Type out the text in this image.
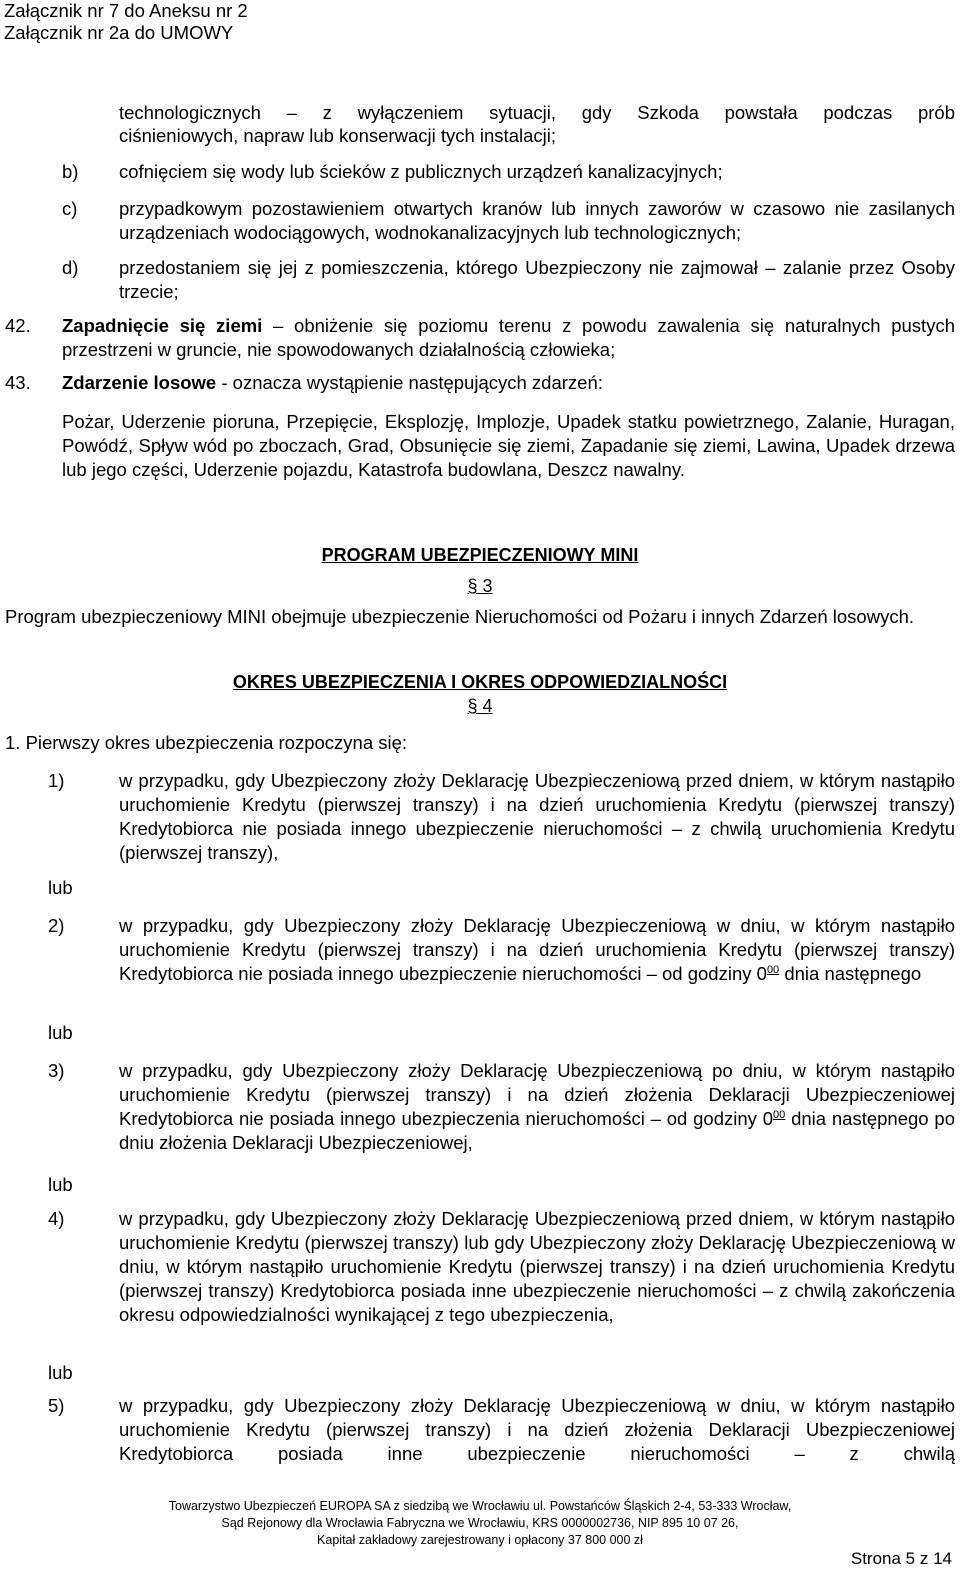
Załącznik nr 7 do Aneksu nr 2
Załącznik nr 2a do UMOWY
technologicznych – z wyłączeniem sytuacji, gdy Szkoda powstała podczas prób
ciśnieniowych, napraw lub konserwacji tych instalacji;
b) cofnięciem się wody lub ścieków z publicznych urządzeń kanalizacyjnych;
c) przypadkowym pozostawieniem otwartych kranów lub innych zaworów w czasowo nie zasilanych urządzeniach wodociągowych, wodnokanalizacyjnych lub technologicznych;
d) przedostaniem się jej z pomieszczenia, którego Ubezpieczony nie zajmował – zalanie przez Osoby trzecie;
42. Zapadnięcie się ziemi – obniżenie się poziomu terenu z powodu zawalenia się naturalnych pustych przestrzeni w gruncie, nie spowodowanych działalnością człowieka;
43. Zdarzenie losowe - oznacza wystąpienie następujących zdarzeń:
Pożar, Uderzenie pioruna, Przepięcie, Eksplozję, Implozje, Upadek statku powietrznego, Zalanie, Huragan, Powódź, Spływ wód po zboczach, Grad, Obsunięcie się ziemi, Zapadanie się ziemi, Lawina, Upadek drzewa lub jego części, Uderzenie pojazdu, Katastrofa budowlana, Deszcz nawalny.
PROGRAM UBEZPIECZENIOWY MINI
§ 3
Program ubezpieczeniowy MINI obejmuje ubezpieczenie Nieruchomości od Pożaru i innych Zdarzeń losowych.
OKRES UBEZPIECZENIA I OKRES ODPOWIEDZIALNOŚCI
§ 4
1. Pierwszy okres ubezpieczenia rozpoczyna się:
1)	w przypadku, gdy Ubezpieczony złoży Deklarację Ubezpieczeniową przed dniem, w którym nastąpiło uruchomienie Kredytu (pierwszej transzy) i na dzień uruchomienia Kredytu (pierwszej transzy) Kredytobiorca nie posiada innego ubezpieczenie nieruchomości – z chwilą uruchomienia Kredytu (pierwszej transzy),
lub
2)	w przypadku, gdy Ubezpieczony złoży Deklarację Ubezpieczeniową w dniu, w którym nastąpiło uruchomienie Kredytu (pierwszej transzy) i na dzień uruchomienia Kredytu (pierwszej transzy) Kredytobiorca nie posiada innego ubezpieczenie nieruchomości – od godziny $0^{00}$ dnia następnego
lub
3)	w przypadku, gdy Ubezpieczony złoży Deklarację Ubezpieczeniową po dniu, w którym nastąpiło uruchomienie Kredytu (pierwszej transzy) i na dzień złożenia Deklaracji Ubezpieczeniowej Kredytobiorca nie posiada innego ubezpieczenia nieruchomości – od godziny $0^{00}$ dnia następnego po dniu złożenia Deklaracji Ubezpieczeniowej,
lub
4)	w przypadku, gdy Ubezpieczony złoży Deklarację Ubezpieczeniową przed dniem, w którym nastąpiło uruchomienie Kredytu (pierwszej transzy) lub gdy Ubezpieczony złoży Deklarację Ubezpieczeniową w dniu, w którym nastąpiło uruchomienie Kredytu (pierwszej transzy) i na dzień uruchomienia Kredytu (pierwszej transzy) Kredytobiorca posiada inne ubezpieczenie nieruchomości – z chwilą zakończenia okresu odpowiedzialności wynikającej z tego ubezpieczenia,
lub
5)	w przypadku, gdy Ubezpieczony złoży Deklarację Ubezpieczeniową w dniu, w którym nastąpiło uruchomienie Kredytu (pierwszej transzy) i na dzień złożenia Deklaracji Ubezpieczeniowej Kredytobiorca posiada inne ubezpieczenie nieruchomości – z chwilą
Towarzystwo Ubezpieczeń EUROPA SA z siedzibą we Wrocławiu ul. Powstańców Śląskich 2-4, 53-333 Wrocław,
Sąd Rejonowy dla Wrocławia Fabryczna we Wrocławiu, KRS 0000002736, NIP 895 10 07 26,
Kapitał zakładowy zarejestrowany i opłacony 37 800 000 zł
Strona 5 z 14
